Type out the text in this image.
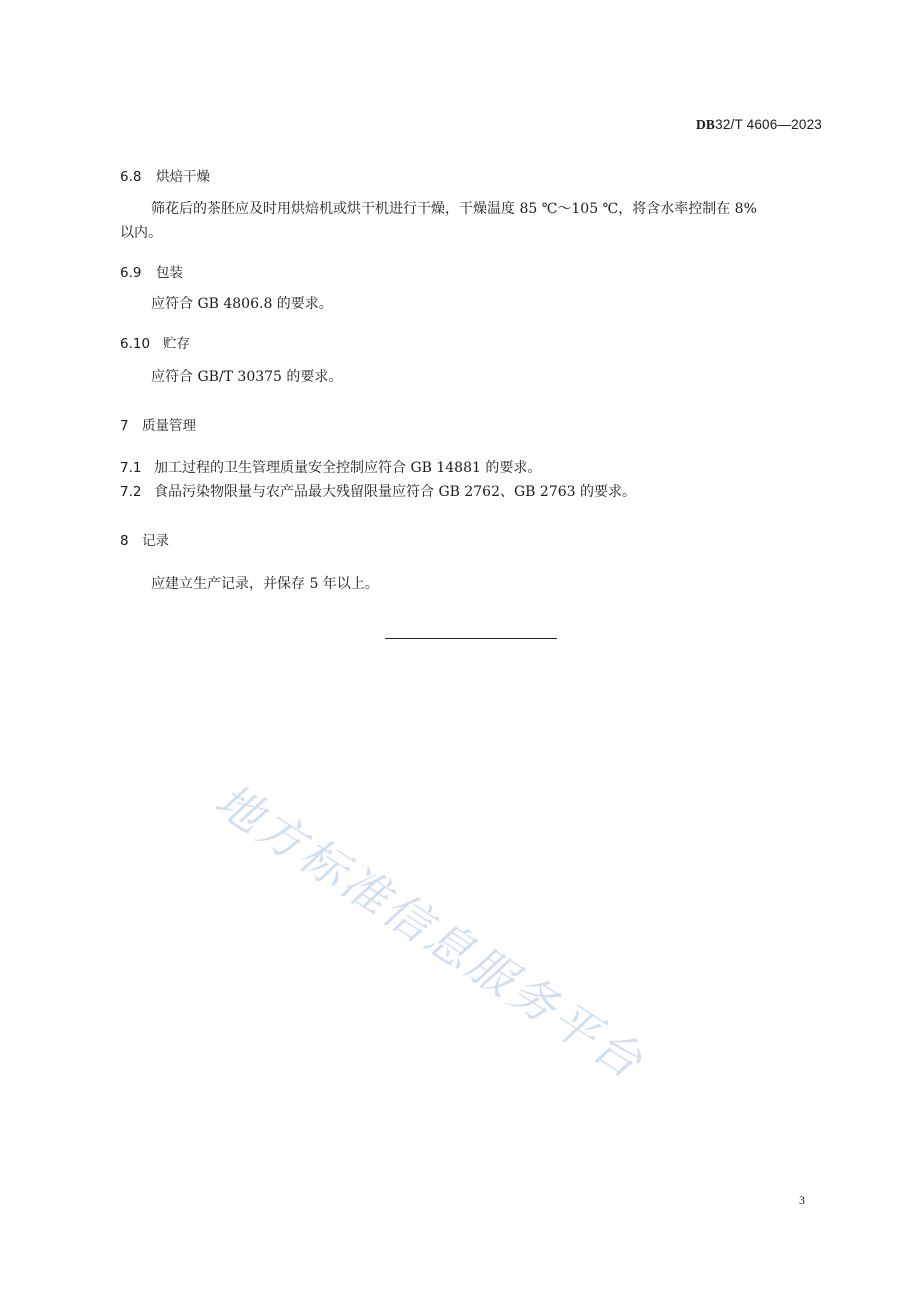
DB32/T 4606—2023
6.8 烘焙干燥
筛花后的茶胚应及时用烘焙机或烘干机进行干燥，干燥温度 85 ℃～105 ℃，将含水率控制在 8%
以内。
6.9 包装
应符合 GB 4806.8 的要求。
6.10 贮存
应符合 GB/T 30375 的要求。
7 质量管理
7.1 加工过程的卫生管理质量安全控制应符合 GB 14881 的要求。
7.2 食品污染物限量与农产品最大残留限量应符合 GB 2762、GB 2763 的要求。
8 记录
应建立生产记录，并保存 5 年以上。
地方标准信息服务平台
3
